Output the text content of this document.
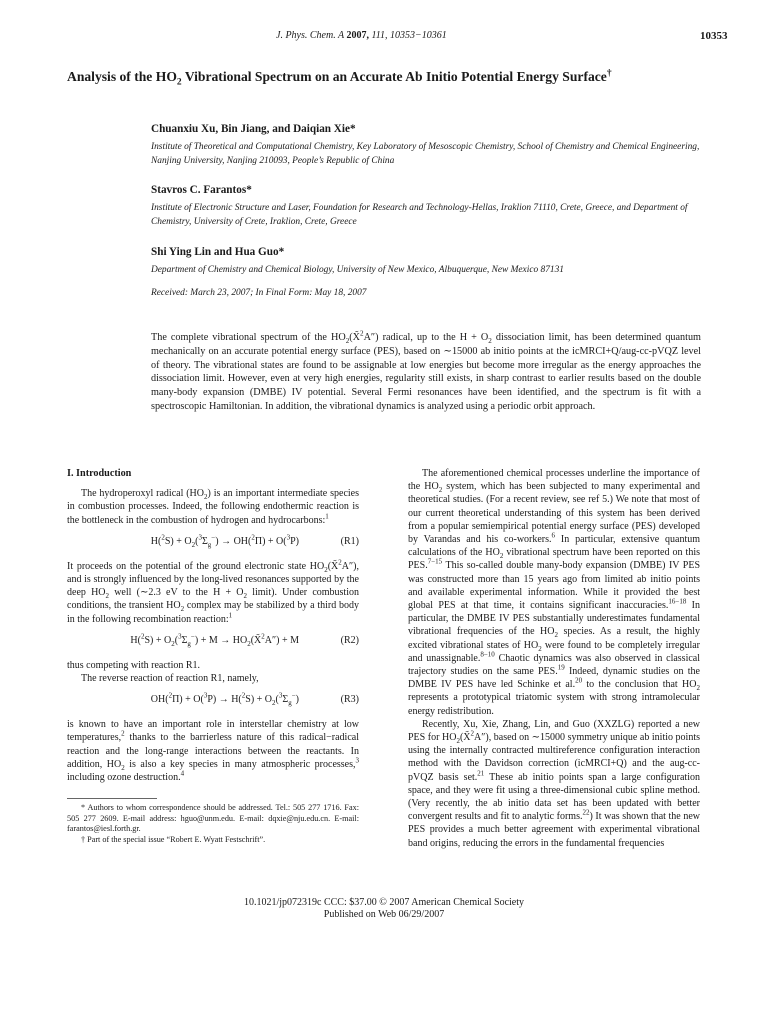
J. Phys. Chem. A 2007, 111, 10353−10361	10353
Analysis of the $HO_2$ Vibrational Spectrum on an Accurate Ab Initio Potential Energy Surface†
Chuanxiu Xu, Bin Jiang, and Daiqian Xie*
Institute of Theoretical and Computational Chemistry, Key Laboratory of Mesoscopic Chemistry, School of Chemistry and Chemical Engineering, Nanjing University, Nanjing 210093, People’s Republic of China
Stavros C. Farantos*
Institute of Electronic Structure and Laser, Foundation for Research and Technology-Hellas, Iraklion 71110, Crete, Greece, and Department of Chemistry, University of Crete, Iraklion, Crete, Greece
Shi Ying Lin and Hua Guo*
Department of Chemistry and Chemical Biology, University of New Mexico, Albuquerque, New Mexico 87131
Received: March 23, 2007; In Final Form: May 18, 2007
The complete vibrational spectrum of the $HO_2(X̃^2A'')$ radical, up to the $H + O_2$ dissociation limit, has been determined quantum mechanically on an accurate potential energy surface (PES), based on ∼15000 ab initio points at the icMRCI+Q/aug-cc-pVQZ level of theory. The vibrational states are found to be assignable at low energies but become more irregular as the energy approaches the dissociation limit. However, even at very high energies, regularity still exists, in sharp contrast to earlier results based on the double many-body expansion (DMBE) IV potential. Several Fermi resonances have been identified, and the spectrum is fit with a spectroscopic Hamiltonian. In addition, the vibrational dynamics is analyzed using a periodic orbit approach.
I. Introduction

The hydroperoxyl radical $(HO_2)$ is an important intermediate species in combustion processes. Indeed, the following endothermic reaction is the bottleneck in the combustion of hydrogen and hydrocarbons:$^1$

$H(^2S) + O_2(^3\Sigma_g^-) \to OH(^2\Pi) + O(^3P)$	(R1)

It proceeds on the potential of the ground electronic state $HO_2(X̃^2A'')$, and is strongly influenced by the long-lived resonances supported by the deep $HO_2$ well (∼2.3 eV to the $H + O_2$ limit). Under combustion conditions, the transient $HO_2$ complex may be stabilized by a third body in the following recombination reaction:$^1$

$H(^2S) + O_2(^3\Sigma_g^-) + M$ → $HO_2(X̃^2A'') + M$	(R2)

thus competing with reaction R1.

The reverse reaction of reaction R1, namely,

$OH(^2\Pi) + O(^3P) \to H(^2S) + O_2(^3\Sigma_g^-)$	(R3)

is known to have an important role in interstellar chemistry at low temperatures,$^2$ thanks to the barrierless nature of this radical−radical reaction and the long-range interactions between the reactants. In addition, $HO_2$ is also a key species in many atmospheric processes,$^3$ including ozone destruction.$^4$

* Authors to whom correspondence should be addressed. Tel.: 505 277 1716. Fax: 505 277 2609. E-mail address: hguo@unm.edu. E-mail: dqxie@nju.edu.cn. E-mail: farantos@iesl.forth.gr.

† Part of the special issue “Robert E. Wyatt Festschrift”.

The aforementioned chemical processes underline the importance of the $HO_2$ system, which has been subjected to many experimental and theoretical studies. (For a recent review, see ref 5.) We note that most of our current theoretical understanding of this system has been derived from a popular semiempirical potential energy surface (PES) developed by Varandas and his co-workers.$^6$ In particular, extensive quantum calculations of the $HO_2$ vibrational spectrum have been reported on this PES.$^{7-15}$ This so-called double many-body expansion (DMBE) IV PES was constructed more than 15 years ago from limited ab initio points and available experimental information. While it provided the best global PES at that time, it contains significant inaccuracies.$^{16-18}$ In particular, the DMBE IV PES substantially underestimates fundamental vibrational frequencies of the $HO_2$ species. As a result, the highly excited vibrational states of $HO_2$ were found to be completely irregular and unassignable.$^{8-10}$ Chaotic dynamics was also observed in classical trajectory studies on the same PES.$^{19}$ Indeed, dynamic studies on the DMBE IV PES have led Schinke et al.$^{20}$ to the conclusion that $HO_2$ represents a prototypical triatomic system with strong intramolecular energy redistribution.

Recently, Xu, Xie, Zhang, Lin, and Guo (XXZLG) reported a new PES for $HO_2(X̃^2A'')$, based on ∼15000 symmetry unique ab initio points using the internally contracted multireference configuration interaction method with the Davidson correction (icMRCI+Q) and the aug-cc-pVQZ basis set.$^{21}$ These ab initio points span a large configuration space, and they were fit using a three-dimensional cubic spline method. (Very recently, the ab initio data set has been updated with better convergent results and fit to analytic forms.$^{22}$) It was shown that the new PES provides a much better agreement with experimental vibrational band origins, reducing the errors in the fundamental frequencies

10.1021/jp072319c CCC: $37.00 © 2007 American Chemical Society
Published on Web 06/29/2007
